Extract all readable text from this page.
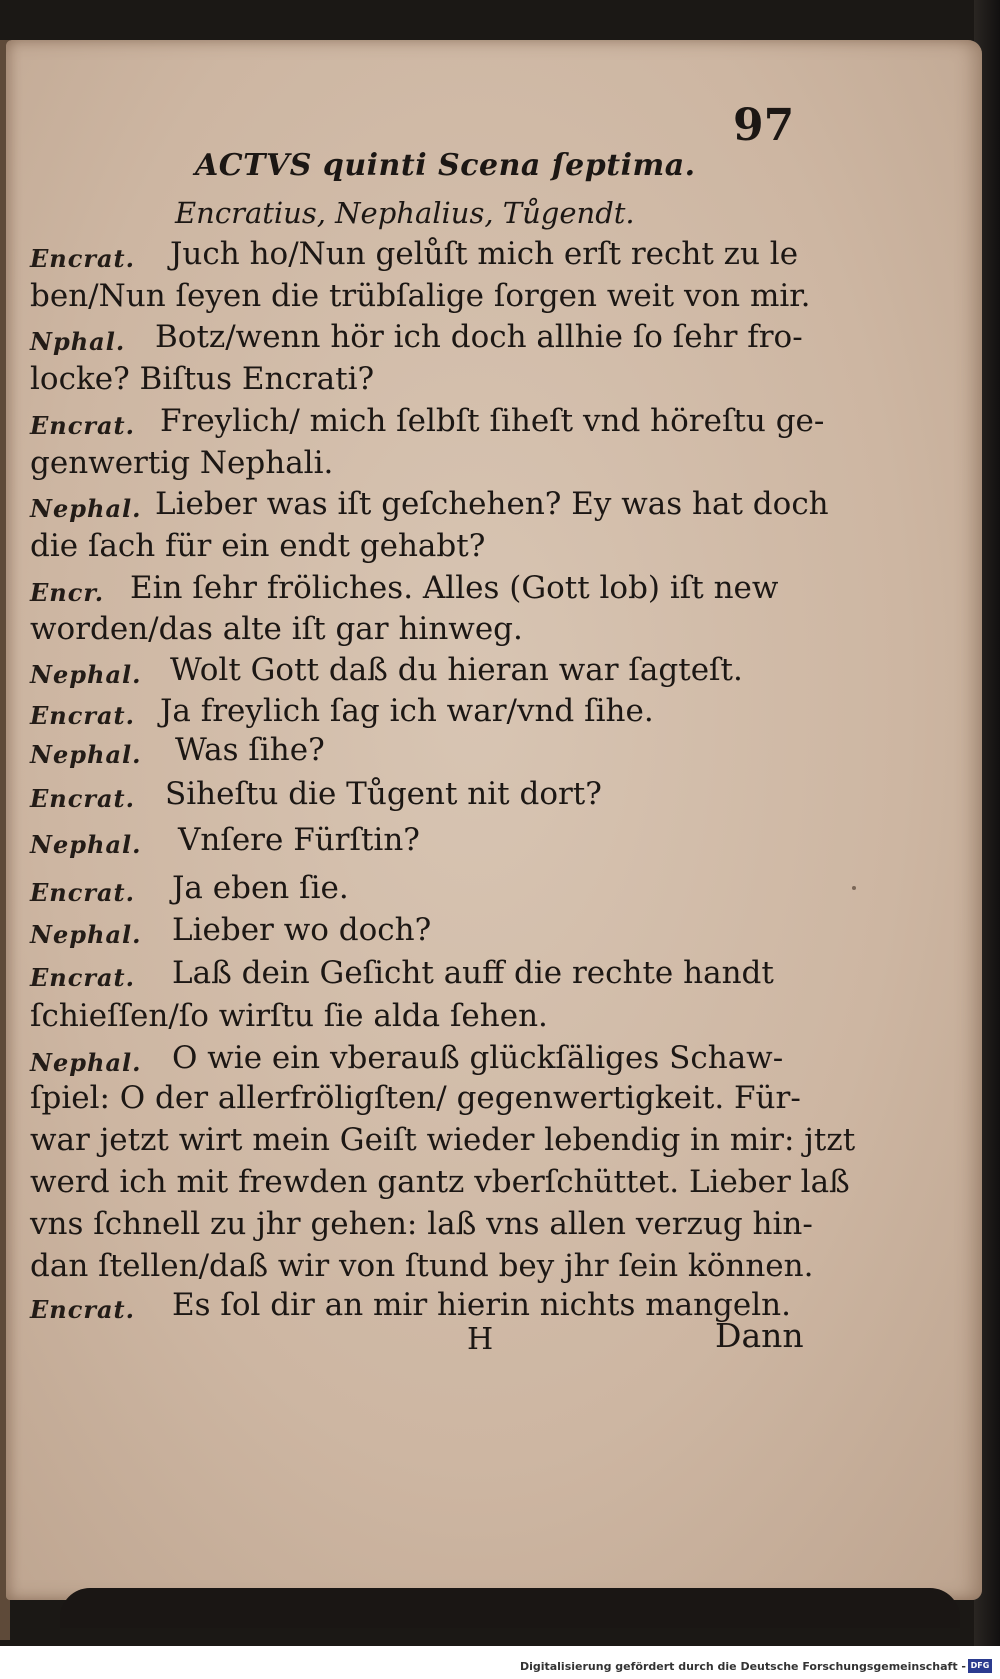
97
ACTVS quinti Scena ſeptima.
Encratius, Nephalius, Tůgendt.
Encrat. Juch ho/Nun gelůſt mich erſt recht zu le
ben/Nun ſeyen die trübſalige ſorgen weit von mir.
Nphal. Botz/wenn hör ich doch allhie ſo ſehr fro-
locke? Biſtus Encrati?
Encrat. Freylich/ mich ſelbſt ſiheſt vnd höreſtu ge-
genwertig Nephali.
Nephal. Lieber was iſt geſchehen? Ey was hat doch
die ſach für ein endt gehabt?
Encr. Ein ſehr fröliches. Alles (Gott lob) iſt new
worden/das alte iſt gar hinweg.
Nephal. Wolt Gott daß du hieran war ſagteſt.
Encrat. Ja freylich ſag ich war/vnd ſihe.
Nephal. Was ſihe?
Encrat. Siheſtu die Tůgent nit dort?
Nephal. Vnſere Fürſtin?
Encrat. Ja eben ſie.
Nephal. Lieber wo doch?
Encrat. Laß dein Geſicht auff die rechte handt
ſchieſſen/ſo wirſtu ſie alda ſehen.
Nephal. O wie ein vberauß glückſäliges Schaw-
ſpiel: O der allerfröligſten/ gegenwertigkeit. Für-
war jetzt wirt mein Geiſt wieder lebendig in mir: jtzt
werd ich mit frewden gantz vberſchüttet. Lieber laß
vns ſchnell zu jhr gehen: laß vns allen verzug hin-
dan ſtellen/daß wir von ſtund bey jhr ſein können.
Encrat. Es ſol dir an mir hierin nichts mangeln.
H	Dann
Digitalisierung gefördert durch die Deutsche Forschungsgemeinschaft - DFG
